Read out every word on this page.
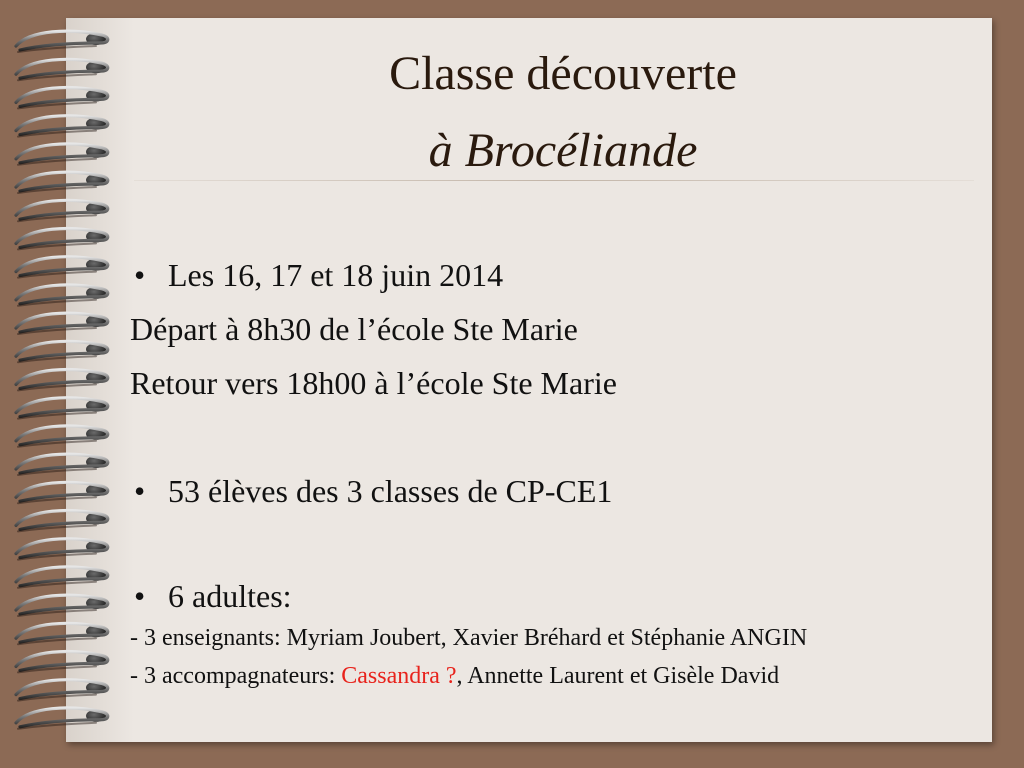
Classe découverte
à Brocéliande
• Les 16, 17 et 18 juin 2014
Départ à 8h30 de l’école Ste Marie
Retour vers 18h00 à l’école Ste Marie
• 53 élèves des 3 classes de CP-CE1
• 6 adultes:
- 3 enseignants: Myriam Joubert, Xavier Bréhard et Stéphanie ANGIN
- 3 accompagnateurs: Cassandra ?, Annette Laurent et Gisèle David
